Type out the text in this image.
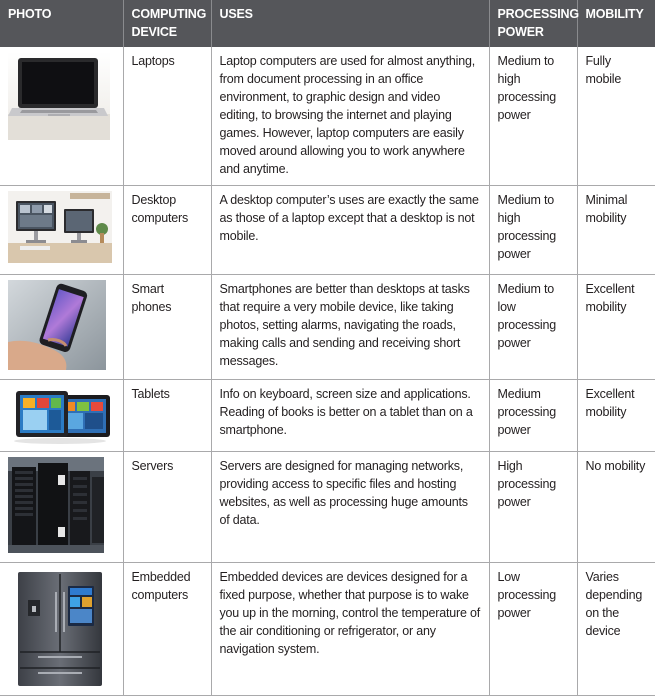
PHOTO	COMPUTING DEVICE	USES	PROCESSING POWER	MOBILITY

	Laptops	Laptop computers are used for almost anything, from document processing in an office environment, to graphic design and video editing, to browsing the internet and playing games. However, laptop computers are easily moved around allowing you to work anywhere and anytime.	Medium to high processing power	Fully mobile

	Desktop computers	A desktop computer’s uses are exactly the same as those of a laptop except that a desktop is not mobile.	Medium to high processing power	Minimal mobility

	Smart phones	Smartphones are better than desktops at tasks that require a very mobile device, like taking photos, setting alarms, navigating the roads, making calls and sending and receiving short messages.	Medium to low processing power	Excellent mobility

	Tablets	Info on keyboard, screen size and applications. Reading of books is better on a tablet than on a smartphone.	Medium processing power	Excellent mobility

	Servers	Servers are designed for managing networks, providing access to specific files and hosting websites, as well as processing huge amounts of data.	High processing power	No mobility

	Embedded computers	Embedded devices are devices designed for a fixed purpose, whether that purpose is to wake you up in the morning, control the temperature of the air conditioning or refrigerator, or any navigation system.	Low processing power	Varies depending on the device
